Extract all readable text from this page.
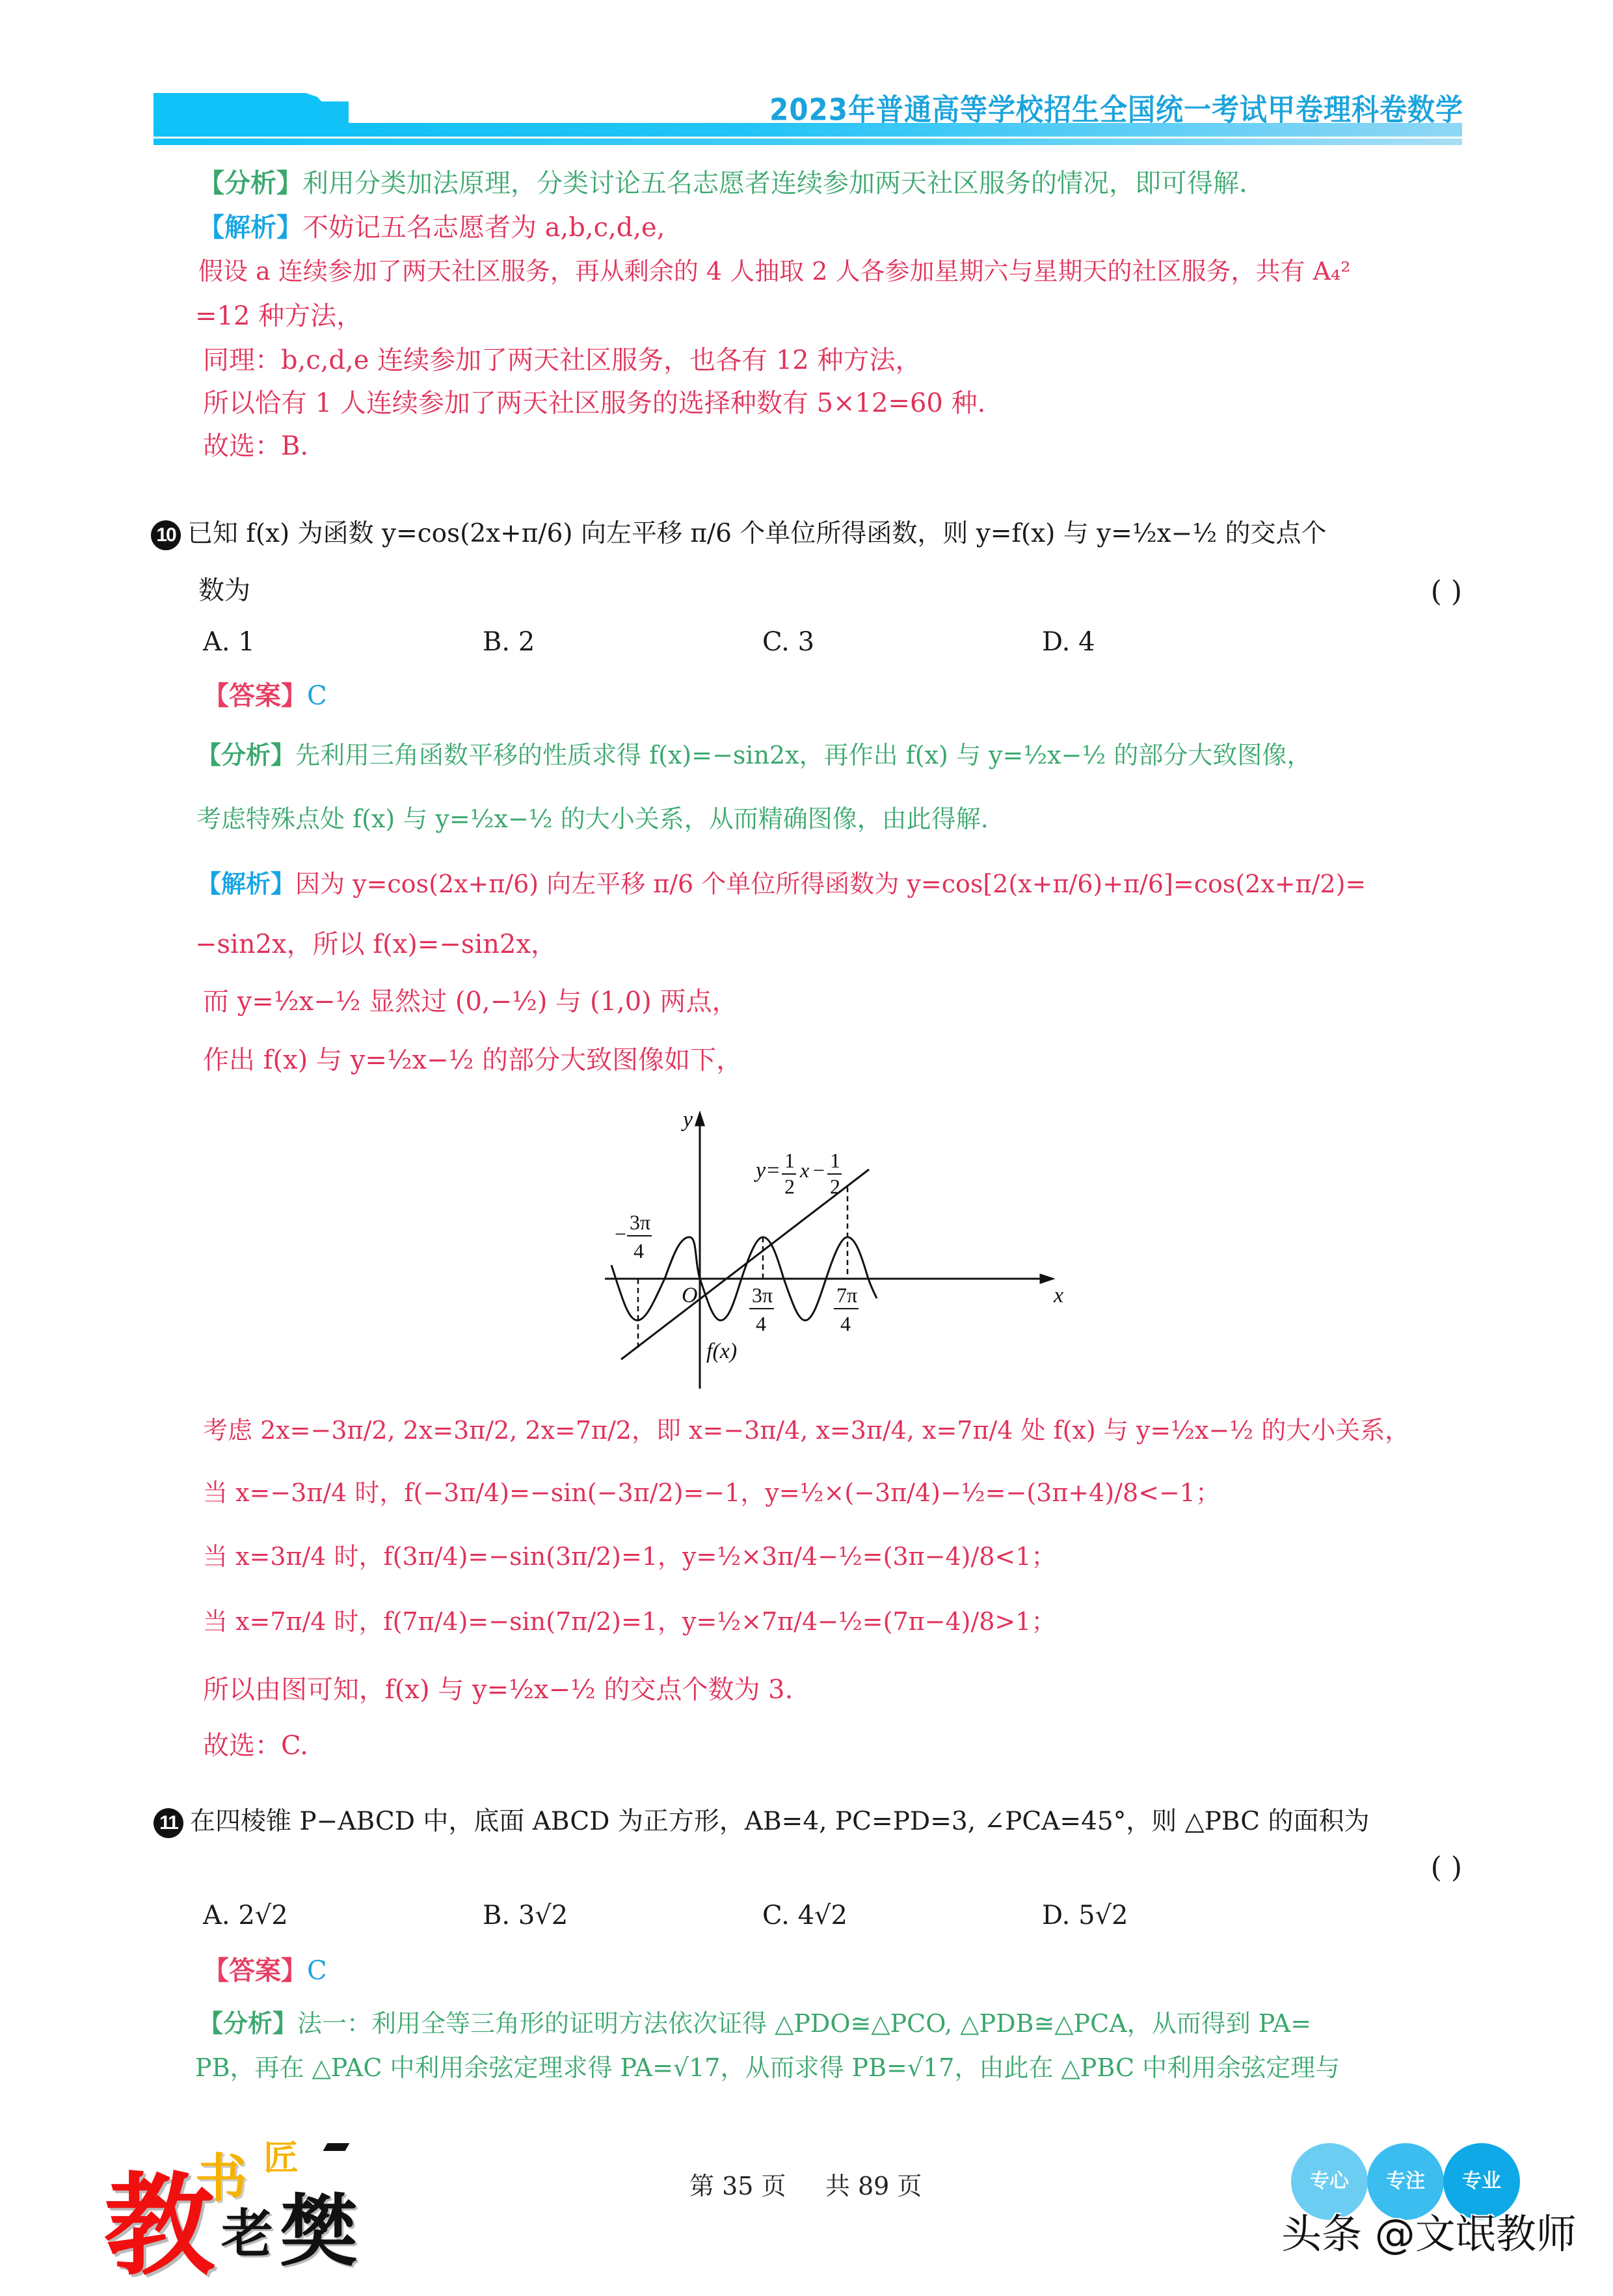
2023年普通高等学校招生全国统一考试甲卷理科卷数学
【分析】利用分类加法原理，分类讨论五名志愿者连续参加两天社区服务的情况，即可得解.
【解析】不妨记五名志愿者为 a,b,c,d,e,
假设 a 连续参加了两天社区服务，再从剩余的 4 人抽取 2 人各参加星期六与星期天的社区服务，共有 A₄²
=12 种方法，
同理：b,c,d,e 连续参加了两天社区服务，也各有 12 种方法，
所以恰有 1 人连续参加了两天社区服务的选择种数有 5×12=60 种.
故选：B.
10 已知 f(x) 为函数 y=cos(2x+π/6) 向左平移 π/6 个单位所得函数，则 y=f(x) 与 y=½x−½ 的交点个
数为	( )
A. 1	B. 2	C. 3	D. 4
【答案】C
【分析】先利用三角函数平移的性质求得 f(x)=−sin2x，再作出 f(x) 与 y=½x−½ 的部分大致图像，
考虑特殊点处 f(x) 与 y=½x−½ 的大小关系，从而精确图像，由此得解.
【解析】因为 y=cos(2x+π/6) 向左平移 π/6 个单位所得函数为 y=cos[2(x+π/6)+π/6]=cos(2x+π/2)=
−sin2x，所以 f(x)=−sin2x，
而 y=½x−½ 显然过 (0,−½) 与 (1,0) 两点，
作出 f(x) 与 y=½x−½ 的部分大致图像如下，
y
x
O
f(x)
y= 1
2
x − 1
2
− 3π
4
3π
4
7π
4
考虑 2x=−3π/2, 2x=3π/2, 2x=7π/2，即 x=−3π/4, x=3π/4, x=7π/4 处 f(x) 与 y=½x−½ 的大小关系，
当 x=−3π/4 时，f(−3π/4)=−sin(−3π/2)=−1，y=½×(−3π/4)−½=−(3π+4)/8<−1；
当 x=3π/4 时，f(3π/4)=−sin(3π/2)=1，y=½×3π/4−½=(3π−4)/8<1；
当 x=7π/4 时，f(7π/4)=−sin(7π/2)=1，y=½×7π/4−½=(7π−4)/8>1；
所以由图可知，f(x) 与 y=½x−½ 的交点个数为 3.
故选：C.
11 在四棱锥 P−ABCD 中，底面 ABCD 为正方形，AB=4, PC=PD=3, ∠PCA=45°，则 △PBC 的面积为
( )
A. 2√2	B. 3√2	C. 4√2	D. 5√2
【答案】C
【分析】法一：利用全等三角形的证明方法依次证得 △PDO≅△PCO, △PDB≅△PCA，从而得到 PA=
PB，再在 △PAC 中利用余弦定理求得 PA=√17，从而求得 PB=√17，由此在 △PBC 中利用余弦定理与
教
书 匠
老 樊	第 35 页     共 89 页	专心	专注	专业
头条 @文氓教师
